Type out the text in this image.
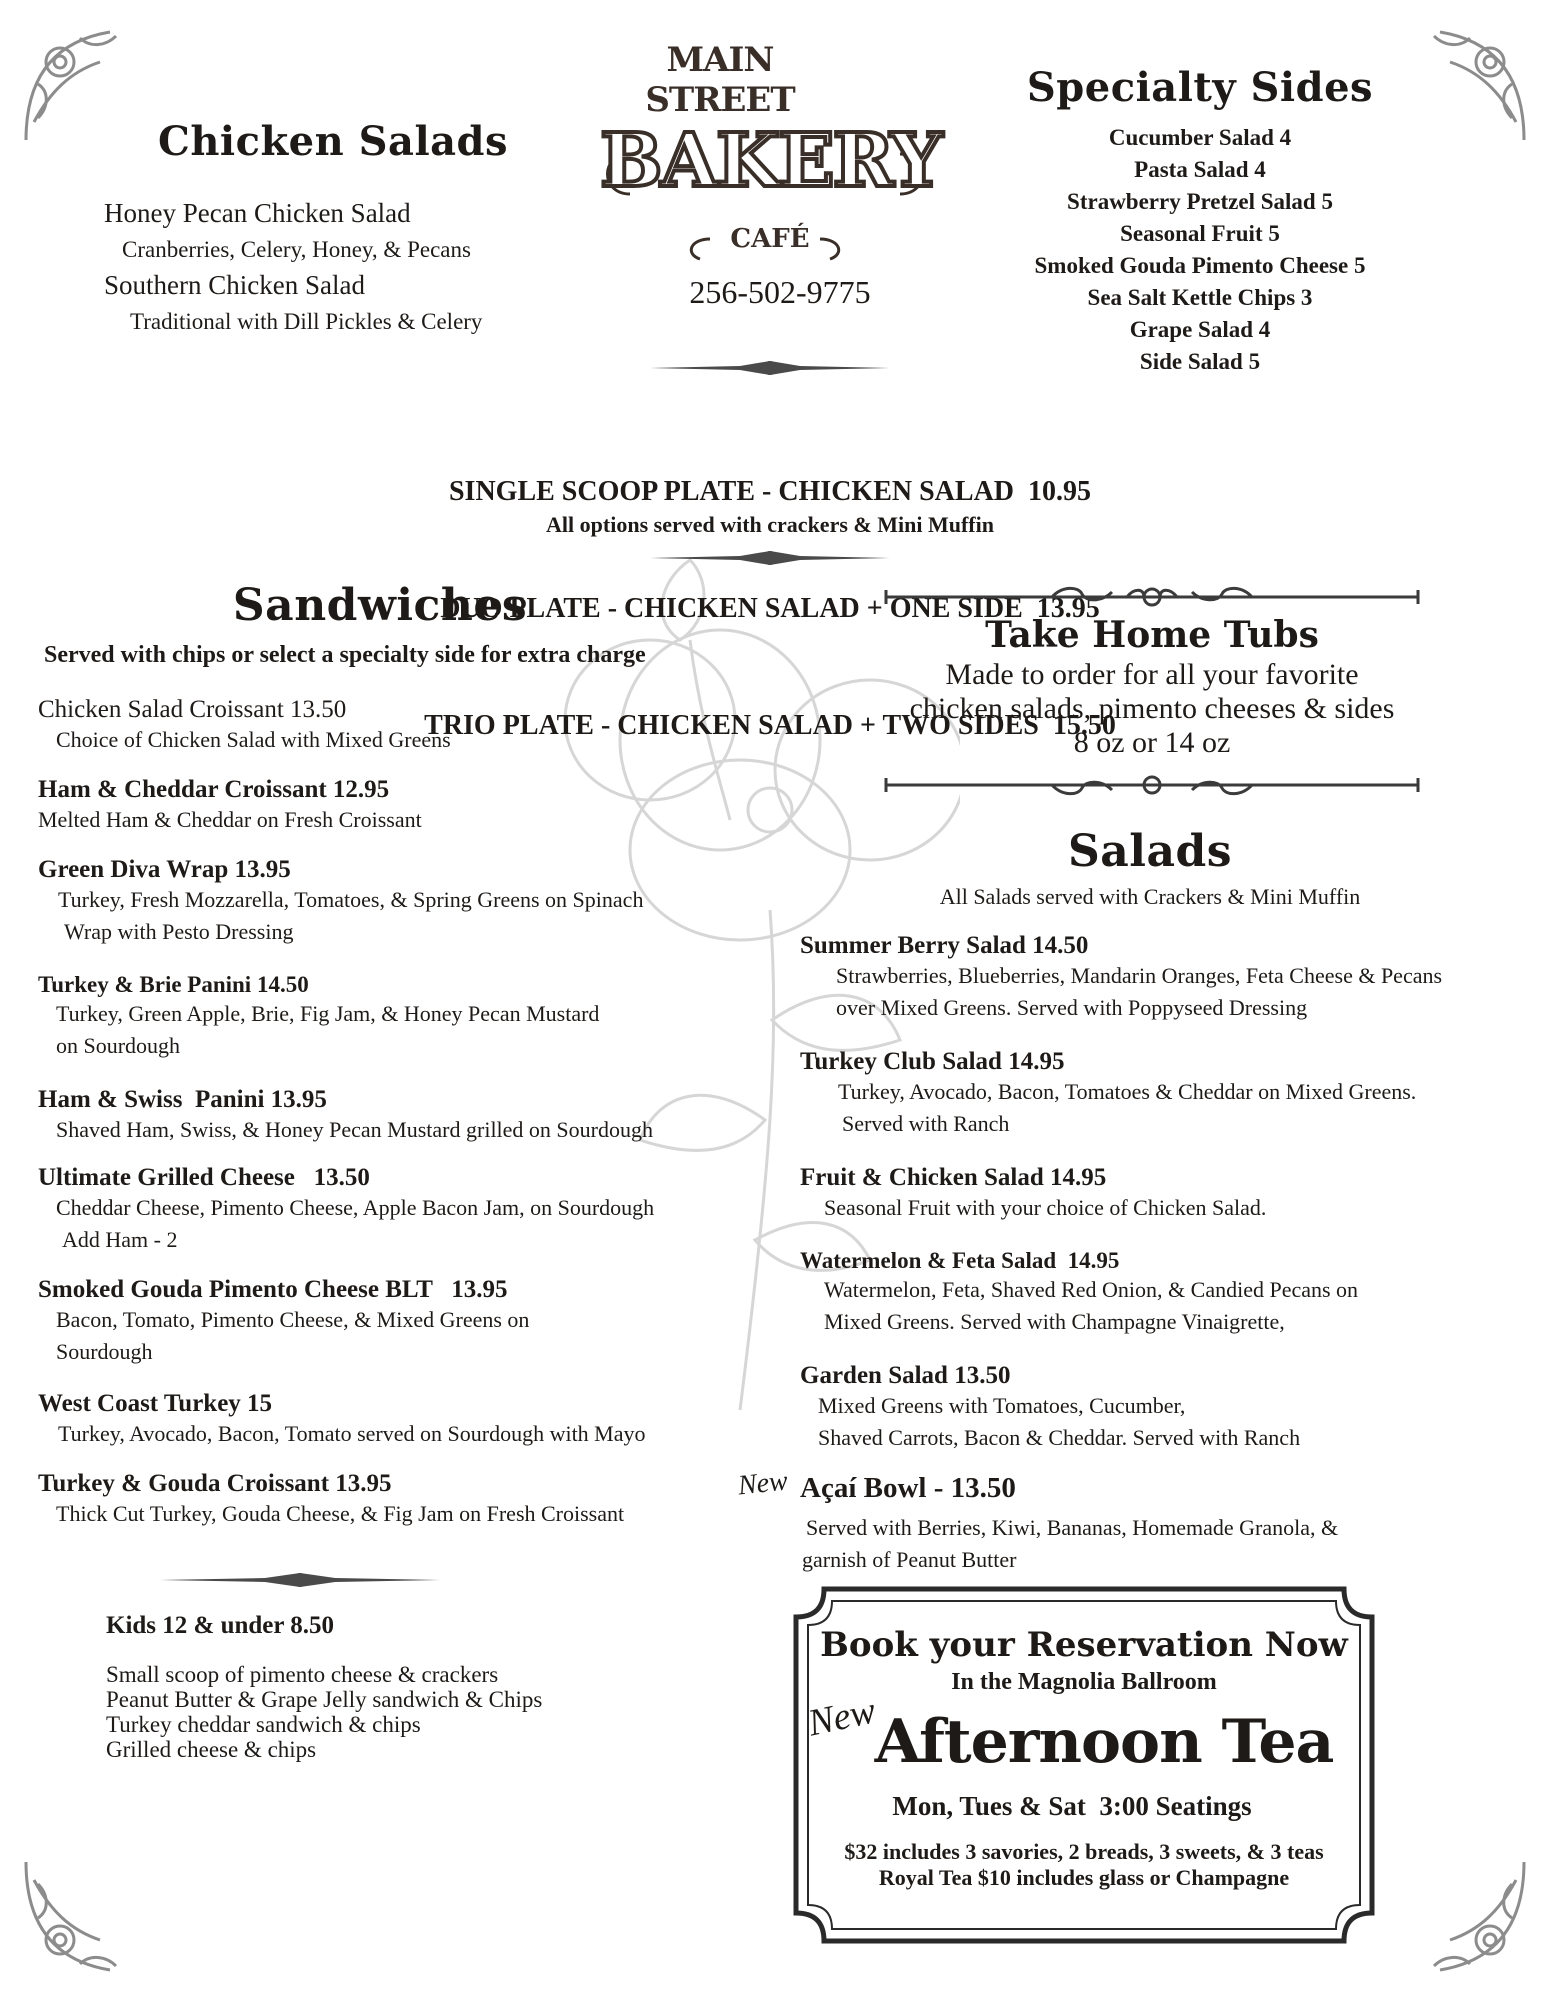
Chicken Salads
Honey Pecan Chicken Salad
Cranberries, Celery, Honey, & Pecans
Southern Chicken Salad
Traditional with Dill Pickles & Celery
MAIN STREET
BAKERY
CAFÉ
256-502-9775
Specialty Sides
Cucumber Salad 4
Pasta Salad 4
Strawberry Pretzel Salad 5
Seasonal Fruit 5
Smoked Gouda Pimento Cheese 5
Sea Salt Kettle Chips 3
Grape Salad 4
Side Salad 5

SINGLE SCOOP PLATE - CHICKEN SALAD  10.95

DUO PLATE - CHICKEN SALAD + ONE SIDE  13.95

TRIO PLATE - CHICKEN SALAD + TWO SIDES  15.50

All options served with crackers & Mini Muffin
Sandwiches
Served with chips or select a specialty side for extra charge
Chicken Salad Croissant 13.50
Choice of Chicken Salad with Mixed Greens
Ham & Cheddar Croissant 12.95
Melted Ham & Cheddar on Fresh Croissant
Green Diva Wrap 13.95
Turkey, Fresh Mozzarella, Tomatoes, & Spring Greens on Spinach
Wrap with Pesto Dressing
Turkey & Brie Panini 14.50
Turkey, Green Apple, Brie, Fig Jam, & Honey Pecan Mustard
on Sourdough
Ham & Swiss  Panini 13.95
Shaved Ham, Swiss, & Honey Pecan Mustard grilled on Sourdough
Ultimate Grilled Cheese   13.50
Cheddar Cheese, Pimento Cheese, Apple Bacon Jam, on Sourdough
Add Ham - 2
Smoked Gouda Pimento Cheese BLT   13.95
Bacon, Tomato, Pimento Cheese, & Mixed Greens on
Sourdough
West Coast Turkey 15
Turkey, Avocado, Bacon, Tomato served on Sourdough with Mayo
Turkey & Gouda Croissant 13.95
Thick Cut Turkey, Gouda Cheese, & Fig Jam on Fresh Croissant
Kids 12 & under 8.50
Small scoop of pimento cheese & crackers
Peanut Butter & Grape Jelly sandwich & Chips
Turkey cheddar sandwich & chips
Grilled cheese & chips
Take Home Tubs
Made to order for all your favorite
chicken salads, pimento cheeses & sides
8 oz or 14 oz
Salads
All Salads served with Crackers & Mini Muffin
Summer Berry Salad 14.50
Strawberries, Blueberries, Mandarin Oranges, Feta Cheese & Pecans
over Mixed Greens. Served with Poppyseed Dressing
Turkey Club Salad 14.95
Turkey, Avocado, Bacon, Tomatoes & Cheddar on Mixed Greens.
Served with Ranch
Fruit & Chicken Salad 14.95
Seasonal Fruit with your choice of Chicken Salad.
Watermelon & Feta Salad  14.95
Watermelon, Feta, Shaved Red Onion, & Candied Pecans on
Mixed Greens. Served with Champagne Vinaigrette,
Garden Salad 13.50
Mixed Greens with Tomatoes, Cucumber,
Shaved Carrots, Bacon & Cheddar. Served with Ranch
New Açaí Bowl - 13.50
Served with Berries, Kiwi, Bananas, Homemade Granola, &
garnish of Peanut Butter
Book your Reservation Now
In the Magnolia Ballroom
New
Afternoon Tea
Mon, Tues & Sat  3:00 Seatings
$32 includes 3 savories, 2 breads, 3 sweets, & 3 teas
Royal Tea $10 includes glass or Champagne
